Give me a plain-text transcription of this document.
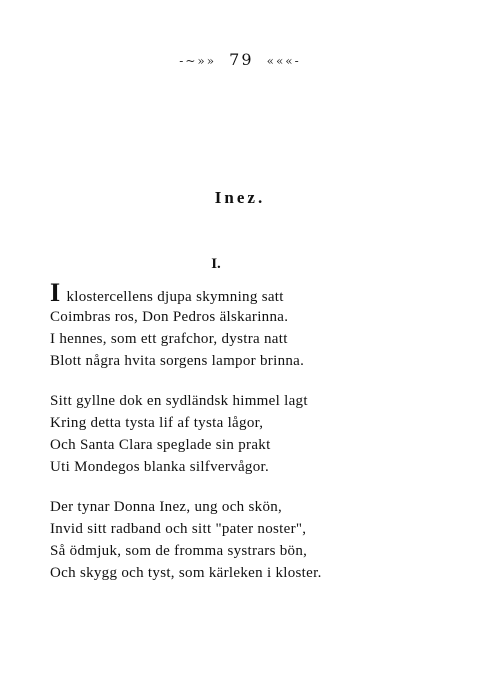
-~»» 79 «««-
Inez.
I.
I klostercellens djupa skymning satt
Coimbras ros, Don Pedros älskarinna.
I hennes, som ett grafchor, dystra natt
Blott några hvita sorgens lampor brinna.
Sitt gyllne dok en sydländsk himmel lagt
Kring detta tysta lif af tysta lågor,
Och Santa Clara speglade sin prakt
Uti Mondegos blanka silfvervågor.
Der tynar Donna Inez, ung och skön,
Invid sitt radband och sitt "pater noster",
Så ödmjuk, som de fromma systrars bön,
Och skygg och tyst, som kärleken i kloster.
